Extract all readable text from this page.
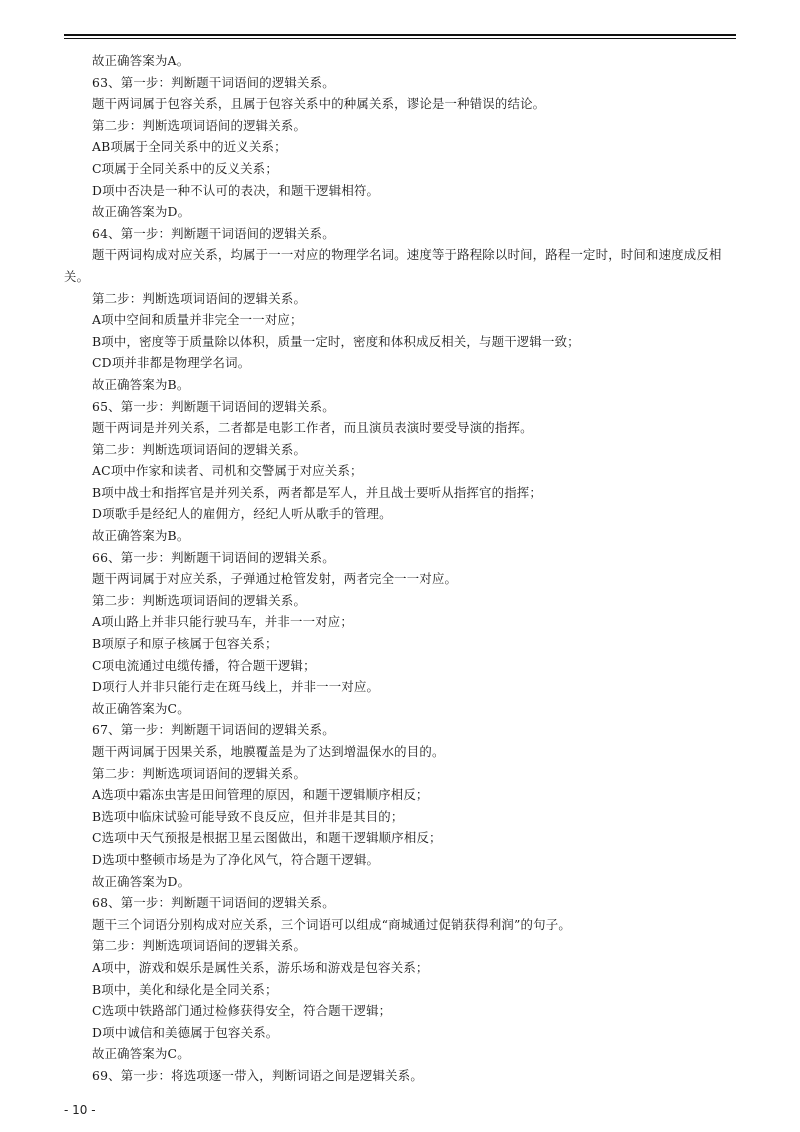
故正确答案为A。
63、第一步：判断题干词语间的逻辑关系。
题干两词属于包容关系，且属于包容关系中的种属关系，谬论是一种错误的结论。
第二步：判断选项词语间的逻辑关系。
AB项属于全同关系中的近义关系；
C项属于全同关系中的反义关系；
D项中否决是一种不认可的表决，和题干逻辑相符。
故正确答案为D。
64、第一步：判断题干词语间的逻辑关系。
题干两词构成对应关系，均属于一一对应的物理学名词。速度等于路程除以时间，路程一定时，时间和速度成反相关。
第二步：判断选项词语间的逻辑关系。
A项中空间和质量并非完全一一对应；
B项中，密度等于质量除以体积，质量一定时，密度和体积成反相关，与题干逻辑一致；
CD项并非都是物理学名词。
故正确答案为B。
65、第一步：判断题干词语间的逻辑关系。
题干两词是并列关系，二者都是电影工作者，而且演员表演时要受导演的指挥。
第二步：判断选项词语间的逻辑关系。
AC项中作家和读者、司机和交警属于对应关系；
B项中战士和指挥官是并列关系，两者都是军人，并且战士要听从指挥官的指挥；
D项歌手是经纪人的雇佣方，经纪人听从歌手的管理。
故正确答案为B。
66、第一步：判断题干词语间的逻辑关系。
题干两词属于对应关系，子弹通过枪管发射，两者完全一一对应。
第二步：判断选项词语间的逻辑关系。
A项山路上并非只能行驶马车，并非一一对应；
B项原子和原子核属于包容关系；
C项电流通过电缆传播，符合题干逻辑；
D项行人并非只能行走在斑马线上，并非一一对应。
故正确答案为C。
67、第一步：判断题干词语间的逻辑关系。
题干两词属于因果关系，地膜覆盖是为了达到增温保水的目的。
第二步：判断选项词语间的逻辑关系。
A选项中霜冻虫害是田间管理的原因，和题干逻辑顺序相反；
B选项中临床试验可能导致不良反应，但并非是其目的；
C选项中天气预报是根据卫星云图做出，和题干逻辑顺序相反；
D选项中整顿市场是为了净化风气，符合题干逻辑。
故正确答案为D。
68、第一步：判断题干词语间的逻辑关系。
题干三个词语分别构成对应关系，三个词语可以组成“商城通过促销获得利润”的句子。
第二步：判断选项词语间的逻辑关系。
A项中，游戏和娱乐是属性关系，游乐场和游戏是包容关系；
B项中，美化和绿化是全同关系；
C选项中铁路部门通过检修获得安全，符合题干逻辑；
D项中诚信和美德属于包容关系。
故正确答案为C。
69、第一步：将选项逐一带入，判断词语之间是逻辑关系。
- 10 -
